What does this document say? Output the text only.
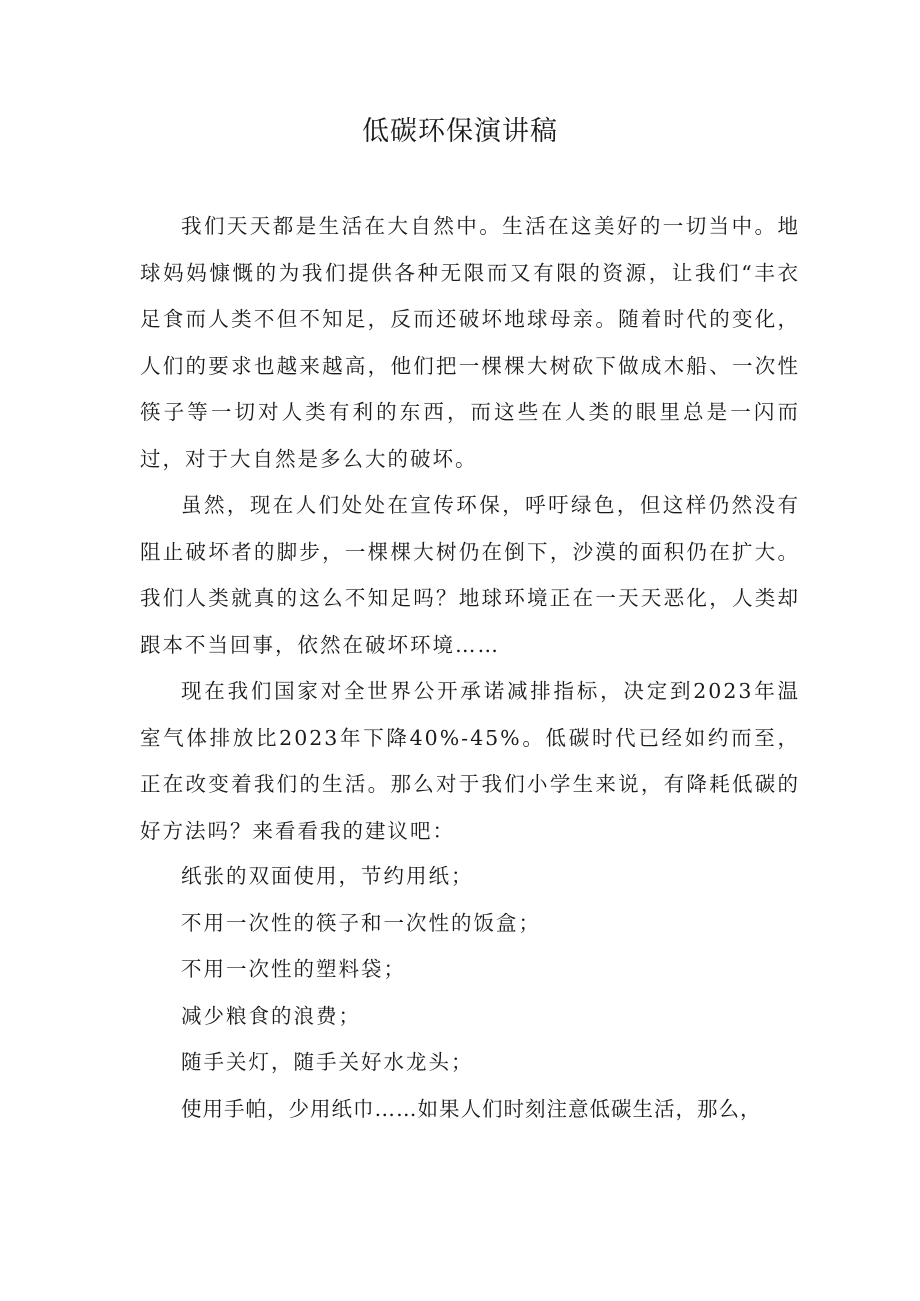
低碳环保演讲稿

我们天天都是生活在大自然中。生活在这美好的一切当中。地球妈妈慷慨的为我们提供各种无限而又有限的资源，让我们“丰衣足食而人类不但不知足，反而还破坏地球母亲。随着时代的变化，人们的要求也越来越高，他们把一棵棵大树砍下做成木船、一次性筷子等一切对人类有利的东西，而这些在人类的眼里总是一闪而过，对于大自然是多么大的破坏。

虽然，现在人们处处在宣传环保，呼吁绿色，但这样仍然没有阻止破坏者的脚步，一棵棵大树仍在倒下，沙漠的面积仍在扩大。我们人类就真的这么不知足吗？地球环境正在一天天恶化，人类却跟本不当回事，依然在破坏环境……

现在我们国家对全世界公开承诺减排指标，决定到2023年温室气体排放比2023年下降40%-45%。低碳时代已经如约而至，正在改变着我们的生活。那么对于我们小学生来说，有降耗低碳的好方法吗？来看看我的建议吧：

纸张的双面使用，节约用纸；

不用一次性的筷子和一次性的饭盒；

不用一次性的塑料袋；

减少粮食的浪费；

随手关灯，随手关好水龙头；

使用手帕，少用纸巾……如果人们时刻注意低碳生活，那么，
